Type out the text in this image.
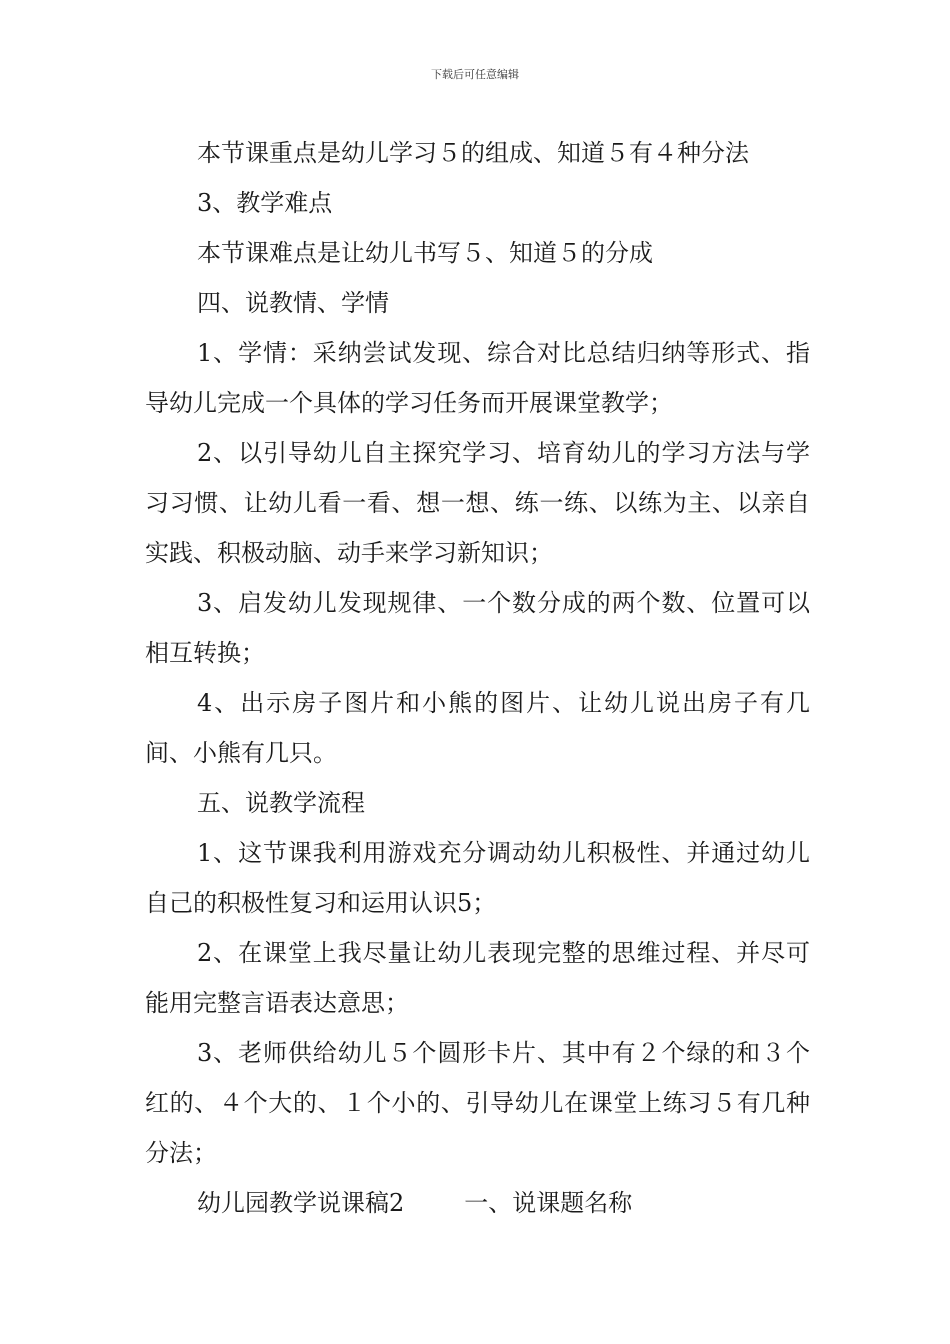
下载后可任意编辑

本节课重点是幼儿学习５的组成、知道５有４种分法

3、教学难点

本节课难点是让幼儿书写５、知道５的分成

四、说教情、学情

1、学情：采纳尝试发现、综合对比总结归纳等形式、指导幼儿完成一个具体的学习任务而开展课堂教学；

2、以引导幼儿自主探究学习、培育幼儿的学习方法与学习习惯、让幼儿看一看、想一想、练一练、以练为主、以亲自实践、积极动脑、动手来学习新知识；

3、启发幼儿发现规律、一个数分成的两个数、位置可以相互转换；

4、出示房子图片和小熊的图片、让幼儿说出房子有几间、小熊有几只。

五、说教学流程

1、这节课我利用游戏充分调动幼儿积极性、并通过幼儿自己的积极性复习和运用认识5；

2、在课堂上我尽量让幼儿表现完整的思维过程、并尽可能用完整言语表达意思；

3、老师供给幼儿５个圆形卡片、其中有２个绿的和３个红的、４个大的、１个小的、引导幼儿在课堂上练习５有几种分法；

幼儿园教学说课稿2	一、说课题名称
